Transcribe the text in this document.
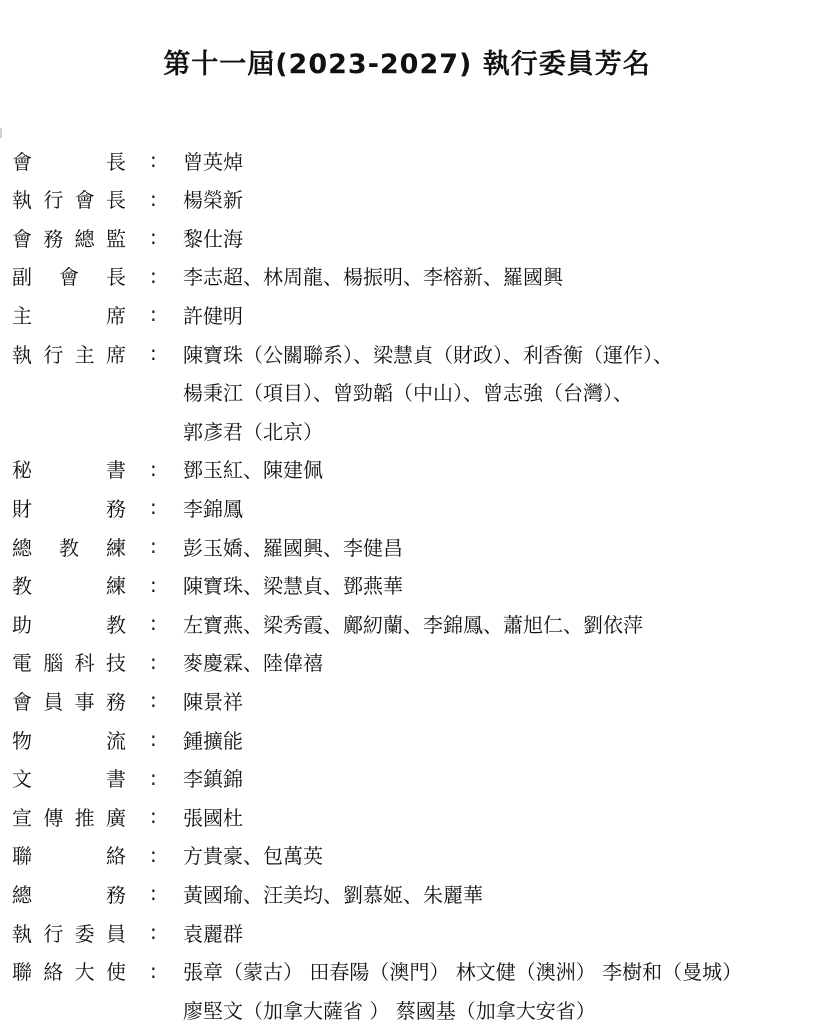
第十一屆(2023-2027) 執行委員芳名
會	長 : 曾英焯
執 行 會 長 : 楊榮新
會 務 總 監 : 黎仕海
副 會 長 : 李志超、林周龍、楊振明、李榕新、羅國興
主	席 : 許健明
執 行 主 席 : 陳寶珠（公關聯系）、梁慧貞（財政）、利香衡（運作）、
楊秉江（項目）、曾勁韜（中山）、曾志強（台灣）、
郭彥君（北京）
秘	書 : 鄧玉紅、陳建佩
財	務 : 李錦鳳
總 教 練 : 彭玉嬌、羅國興、李健昌
教	練 : 陳寶珠、梁慧貞、鄧燕華
助	教 : 左寶燕、梁秀霞、鄺紉蘭、李錦鳳、蕭旭仁、劉依萍
電 腦 科 技 : 麥慶霖、陸偉禧
會 員 事 務 : 陳景祥
物	流 : 鍾擴能
文	書 : 李鎮錦
宣 傳 推 廣 : 張國杜
聯	絡 : 方貴豪、包萬英
總	務 : 黃國瑜、汪美均、劉慕姬、朱麗華
執 行 委 員 : 袁麗群
聯 絡 大 使 : 張章（蒙古） 田春陽（澳門） 林文健（澳洲） 李樹和（曼城）
廖堅文（加拿大薩省 ） 蔡國基（加拿大安省）
